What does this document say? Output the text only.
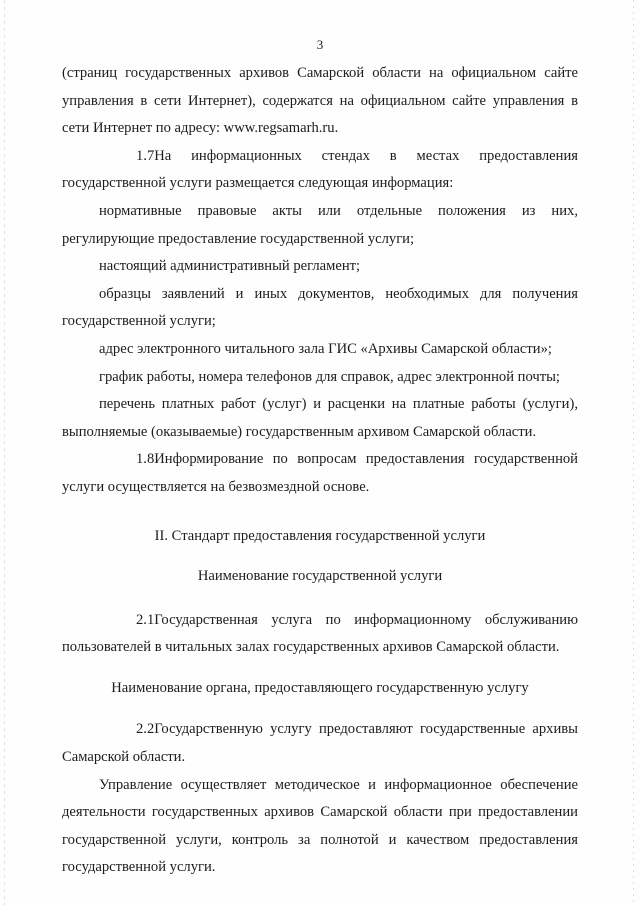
3

(страниц государственных архивов Самарской области на официальном сайте управления в сети Интернет), содержатся на официальном сайте управления в сети Интернет по адресу: www.regsamarh.ru.

1.7На информационных стендах в местах предоставления государственной услуги размещается следующая информация:

нормативные правовые акты или отдельные положения из них, регулирующие предоставление государственной услуги;

настоящий административный регламент;

образцы заявлений и иных документов, необходимых для получения государственной услуги;

адрес электронного читального зала ГИС «Архивы Самарской области»;

график работы, номера телефонов для справок, адрес электронной почты;

перечень платных работ (услуг) и расценки на платные работы (услуги), выполняемые (оказываемые) государственным архивом Самарской области.

1.8Информирование по вопросам предоставления государственной услуги осуществляется на безвозмездной основе.

II. Стандарт предоставления государственной услуги

Наименование государственной услуги

2.1Государственная услуга по информационному обслуживанию пользователей в читальных залах государственных архивов Самарской области.

Наименование органа, предоставляющего государственную услугу

2.2Государственную услугу предоставляют государственные архивы Самарской области.

Управление осуществляет методическое и информационное обеспечение деятельности государственных архивов Самарской области при предоставлении государственной услуги, контроль за полнотой и качеством предоставления государственной услуги.
